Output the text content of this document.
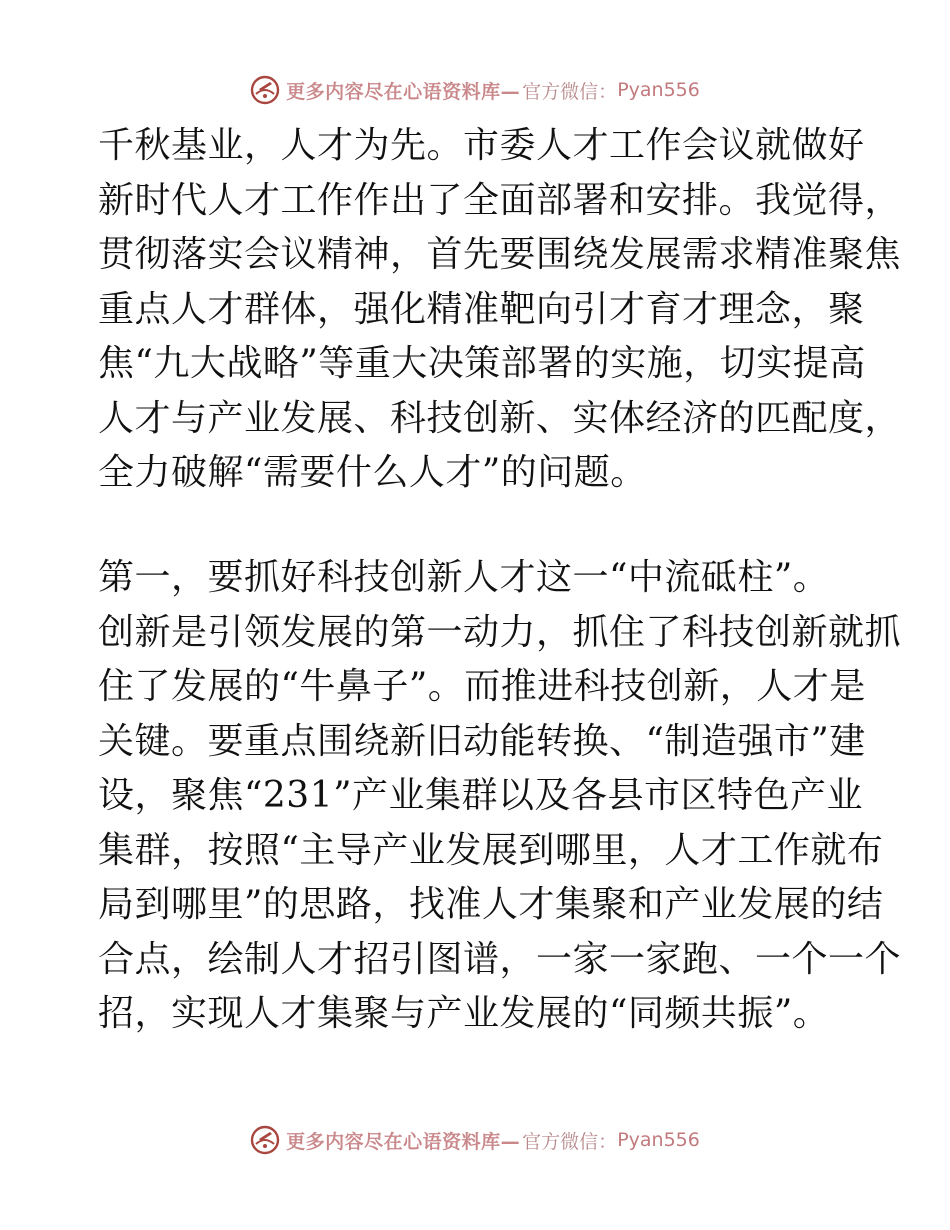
更多内容尽在心语资料库— 官方微信： Pyan556
千秋基业，人才为先。市委人才工作会议就做好
新时代人才工作作出了全面部署和安排。我觉得，
贯彻落实会议精神，首先要围绕发展需求精准聚焦
重点人才群体，强化精准靶向引才育才理念，聚
焦“九大战略”等重大决策部署的实施，切实提高
人才与产业发展、科技创新、实体经济的匹配度，
全力破解“需要什么人才”的问题。
第一，要抓好科技创新人才这一“中流砥柱”。
创新是引领发展的第一动力，抓住了科技创新就抓
住了发展的“牛鼻子”。而推进科技创新，人才是
关键。要重点围绕新旧动能转换、“制造强市”建
设，聚焦“231”产业集群以及各县市区特色产业
集群，按照“主导产业发展到哪里，人才工作就布
局到哪里”的思路，找准人才集聚和产业发展的结
合点，绘制人才招引图谱，一家一家跑、一个一个
招，实现人才集聚与产业发展的“同频共振”。
更多内容尽在心语资料库— 官方微信： Pyan556
